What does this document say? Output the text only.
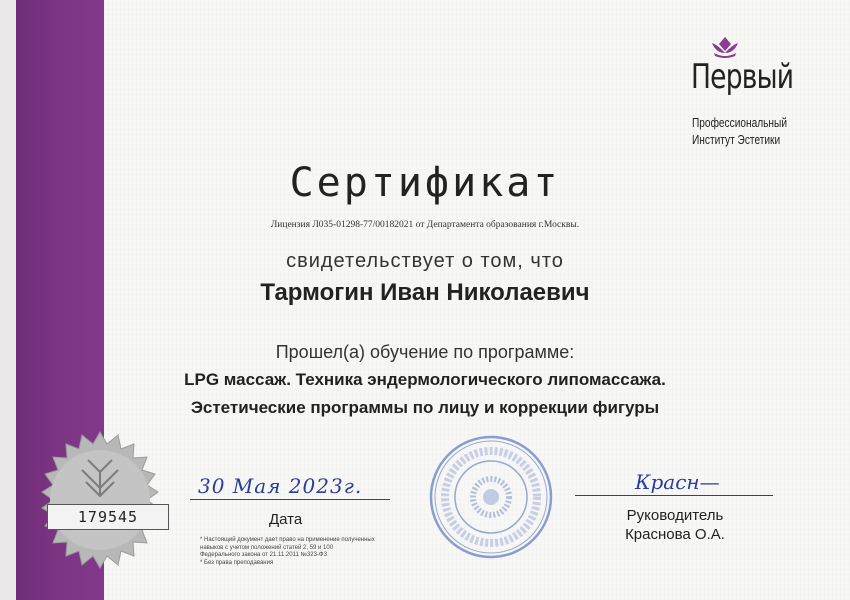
Первый
Профессиональный
Институт Эстетики
Сертификат
Лицензия Л035-01298-77/00182021 от Департамента образования г.Москвы.
свидетельствует о том, что
Тармогин Иван Николаевич
Прошел(а) обучение по программе:
LPG массаж. Техника эндермологического липомассажа.
Эстетические программы по лицу и коррекции фигуры
179545
30 Мая 2023г.
Дата
* Настоящий документ дает право на применение полученных
навыков с учетом положений статей 2, 59 и 100
Федерального закона от 21.11.2011 №323-ФЗ
* Без права преподавания
Красн—
Руководитель
Краснова О.А.
